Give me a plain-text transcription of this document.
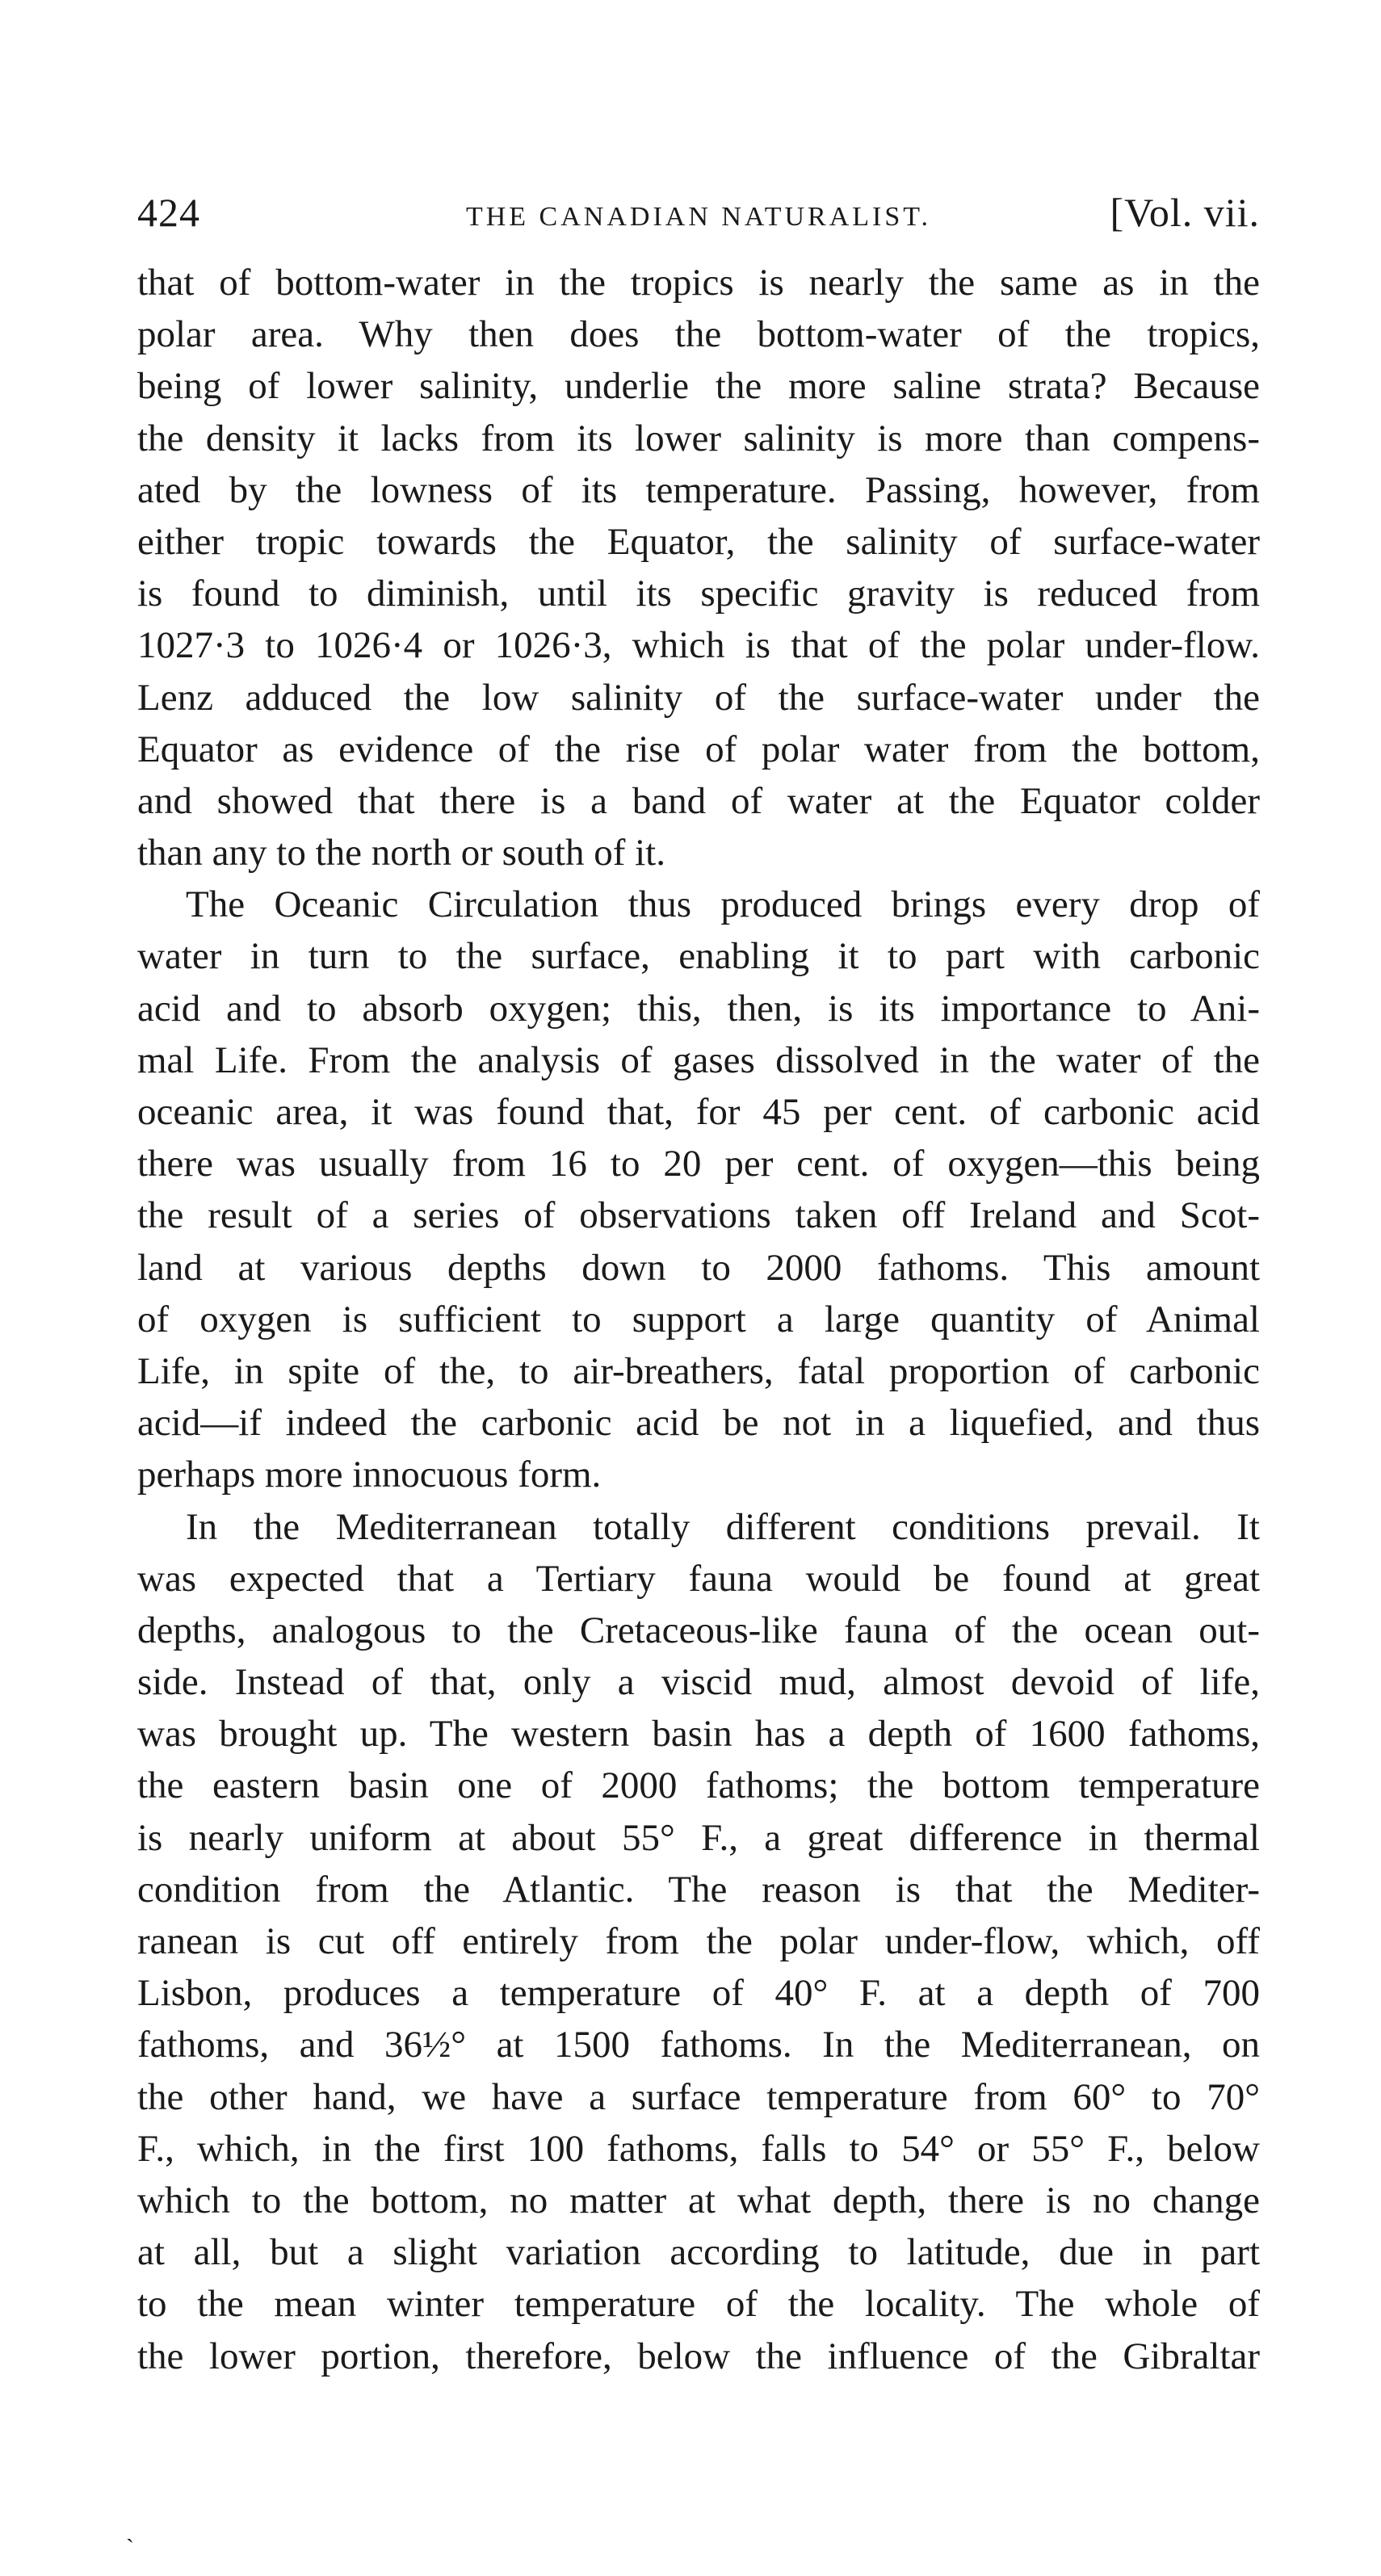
424	THE CANADIAN NATURALIST.	[Vol. vii.
that of bottom-water in the tropics is nearly the same as in the
polar area. Why then does the bottom-water of the tropics,
being of lower salinity, underlie the more saline strata? Because
the density it lacks from its lower salinity is more than compens-
ated by the lowness of its temperature. Passing, however, from
either tropic towards the Equator, the salinity of surface-water
is found to diminish, until its specific gravity is reduced from
1027·3 to 1026·4 or 1026·3, which is that of the polar under-flow.
Lenz adduced the low salinity of the surface-water under the
Equator as evidence of the rise of polar water from the bottom,
and showed that there is a band of water at the Equator colder
than any to the north or south of it.
The Oceanic Circulation thus produced brings every drop of
water in turn to the surface, enabling it to part with carbonic
acid and to absorb oxygen; this, then, is its importance to Ani-
mal Life. From the analysis of gases dissolved in the water of the
oceanic area, it was found that, for 45 per cent. of carbonic acid
there was usually from 16 to 20 per cent. of oxygen—this being
the result of a series of observations taken off Ireland and Scot-
land at various depths down to 2000 fathoms. This amount
of oxygen is sufficient to support a large quantity of Animal
Life, in spite of the, to air-breathers, fatal proportion of carbonic
acid—if indeed the carbonic acid be not in a liquefied, and thus
perhaps more innocuous form.
In the Mediterranean totally different conditions prevail. It
was expected that a Tertiary fauna would be found at great
depths, analogous to the Cretaceous-like fauna of the ocean out-
side. Instead of that, only a viscid mud, almost devoid of life,
was brought up. The western basin has a depth of 1600 fathoms,
the eastern basin one of 2000 fathoms; the bottom temperature
is nearly uniform at about 55° F., a great difference in thermal
condition from the Atlantic. The reason is that the Mediter-
ranean is cut off entirely from the polar under-flow, which, off
Lisbon, produces a temperature of 40° F. at a depth of 700
fathoms, and 36½° at 1500 fathoms. In the Mediterranean, on
the other hand, we have a surface temperature from 60° to 70°
F., which, in the first 100 fathoms, falls to 54° or 55° F., below
which to the bottom, no matter at what depth, there is no change
at all, but a slight variation according to latitude, due in part
to the mean winter temperature of the locality. The whole of
the lower portion, therefore, below the influence of the Gibraltar
ˏ
